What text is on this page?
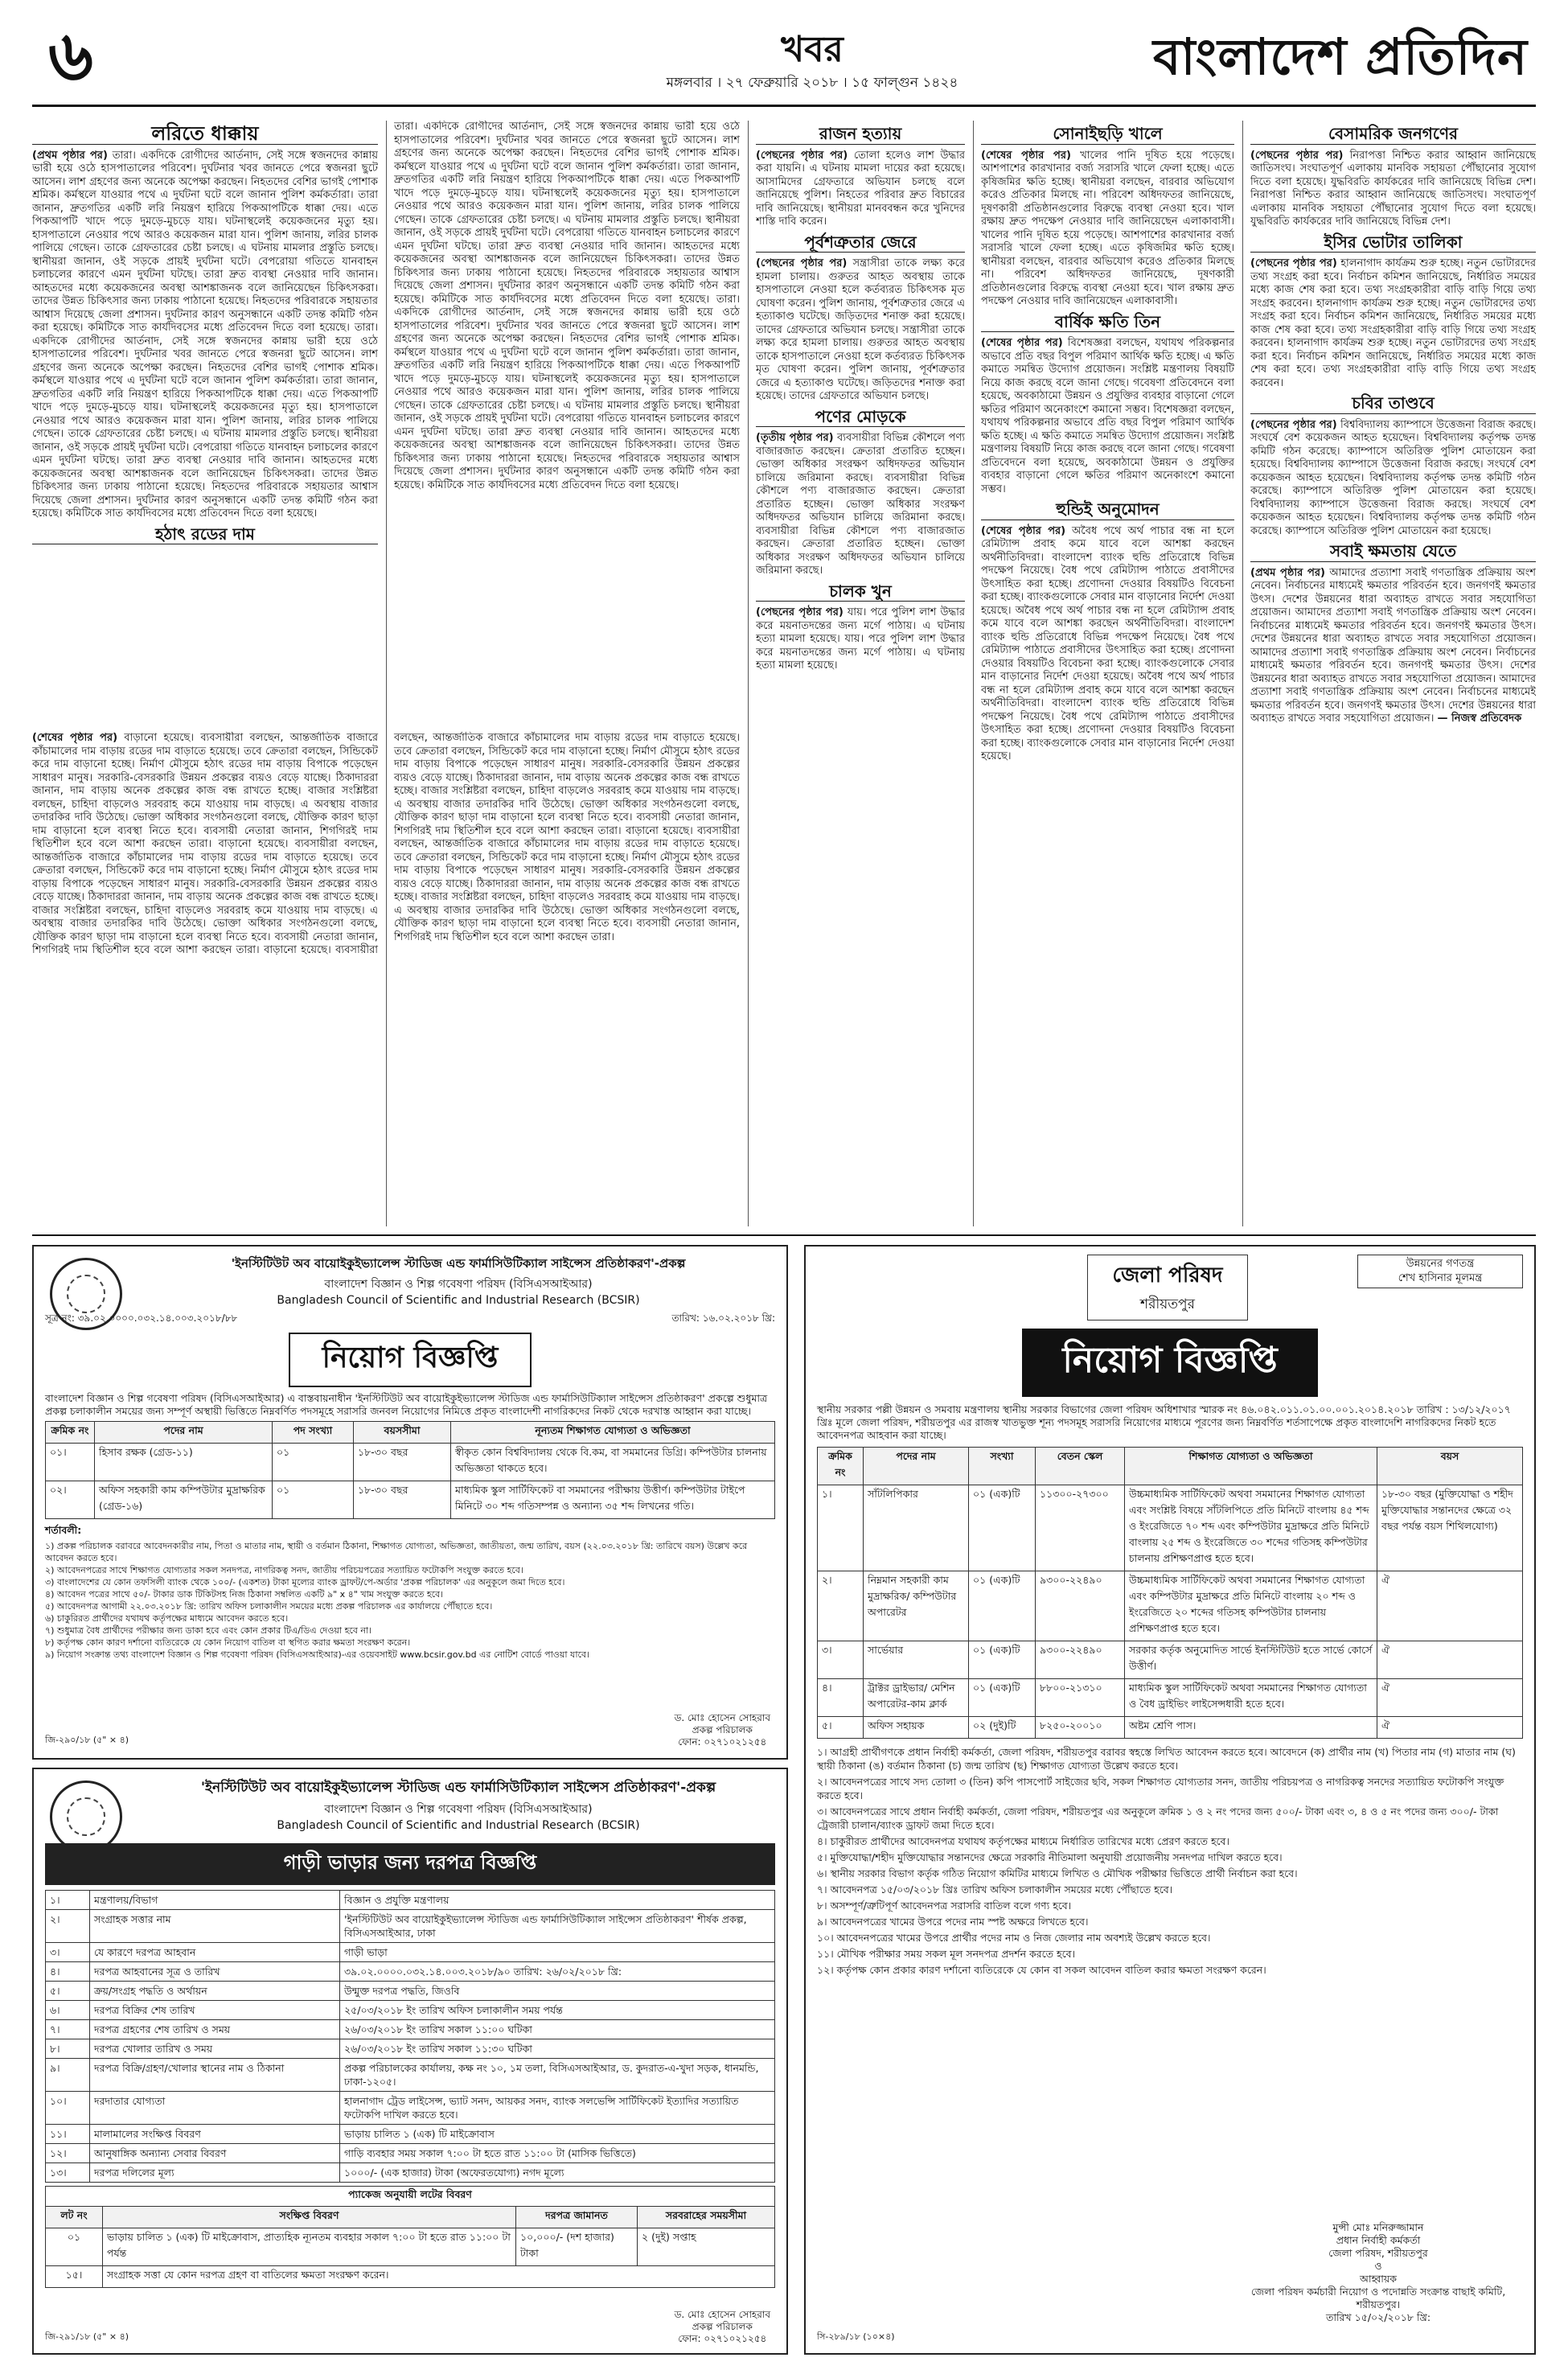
৬	খবর
মঙ্গলবার । ২৭ ফেব্রুয়ারি ২০১৮ । ১৫ ফাল্গুন ১৪২৪	বাংলাদেশ প্রতিদিন
লরিতে ধাক্কায়

(প্রথম পৃষ্ঠার পর) তারা। একদিকে রোগীদের আর্তনাদ, সেই সঙ্গে স্বজনদের কান্নায় ভারী হয়ে ওঠে হাসপাতালের পরিবেশ। দুর্ঘটনার খবর জানতে পেরে স্বজনরা ছুটে আসেন। লাশ গ্রহণের জন্য অনেকে অপেক্ষা করছেন। নিহতদের বেশির ভাগই পোশাক শ্রমিক। কর্মস্থলে যাওয়ার পথে এ দুর্ঘটনা ঘটে বলে জানান পুলিশ কর্মকর্তারা। তারা জানান, দ্রুতগতির একটি লরি নিয়ন্ত্রণ হারিয়ে পিকআপটিকে ধাক্কা দেয়। এতে পিকআপটি খাদে পড়ে দুমড়ে-মুচড়ে যায়। ঘটনাস্থলেই কয়েকজনের মৃত্যু হয়। হাসপাতালে নেওয়ার পথে আরও কয়েকজন মারা যান। পুলিশ জানায়, লরির চালক পালিয়ে গেছেন। তাকে গ্রেফতারের চেষ্টা চলছে। এ ঘটনায় মামলার প্রস্তুতি চলছে। স্থানীয়রা জানান, ওই সড়কে প্রায়ই দুর্ঘটনা ঘটে। বেপরোয়া গতিতে যানবাহন চলাচলের কারণে এমন দুর্ঘটনা ঘটছে। তারা দ্রুত ব্যবস্থা নেওয়ার দাবি জানান। আহতদের মধ্যে কয়েকজনের অবস্থা আশঙ্কাজনক বলে জানিয়েছেন চিকিৎসকরা। তাদের উন্নত চিকিৎসার জন্য ঢাকায় পাঠানো হয়েছে। নিহতদের পরিবারকে সহায়তার আশ্বাস দিয়েছে জেলা প্রশাসন। দুর্ঘটনার কারণ অনুসন্ধানে একটি তদন্ত কমিটি গঠন করা হয়েছে। কমিটিকে সাত কার্যদিবসের মধ্যে প্রতিবেদন দিতে বলা হয়েছে। তারা। একদিকে রোগীদের আর্তনাদ, সেই সঙ্গে স্বজনদের কান্নায় ভারী হয়ে ওঠে হাসপাতালের পরিবেশ। দুর্ঘটনার খবর জানতে পেরে স্বজনরা ছুটে আসেন। লাশ গ্রহণের জন্য অনেকে অপেক্ষা করছেন। নিহতদের বেশির ভাগই পোশাক শ্রমিক। কর্মস্থলে যাওয়ার পথে এ দুর্ঘটনা ঘটে বলে জানান পুলিশ কর্মকর্তারা। তারা জানান, দ্রুতগতির একটি লরি নিয়ন্ত্রণ হারিয়ে পিকআপটিকে ধাক্কা দেয়। এতে পিকআপটি খাদে পড়ে দুমড়ে-মুচড়ে যায়। ঘটনাস্থলেই কয়েকজনের মৃত্যু হয়। হাসপাতালে নেওয়ার পথে আরও কয়েকজন মারা যান। পুলিশ জানায়, লরির চালক পালিয়ে গেছেন। তাকে গ্রেফতারের চেষ্টা চলছে। এ ঘটনায় মামলার প্রস্তুতি চলছে। স্থানীয়রা জানান, ওই সড়কে প্রায়ই দুর্ঘটনা ঘটে। বেপরোয়া গতিতে যানবাহন চলাচলের কারণে এমন দুর্ঘটনা ঘটছে। তারা দ্রুত ব্যবস্থা নেওয়ার দাবি জানান। আহতদের মধ্যে কয়েকজনের অবস্থা আশঙ্কাজনক বলে জানিয়েছেন চিকিৎসকরা। তাদের উন্নত চিকিৎসার জন্য ঢাকায় পাঠানো হয়েছে। নিহতদের পরিবারকে সহায়তার আশ্বাস দিয়েছে জেলা প্রশাসন। দুর্ঘটনার কারণ অনুসন্ধানে একটি তদন্ত কমিটি গঠন করা হয়েছে। কমিটিকে সাত কার্যদিবসের মধ্যে প্রতিবেদন দিতে বলা হয়েছে।

হঠাৎ রডের দাম

তারা। একদিকে রোগীদের আর্তনাদ, সেই সঙ্গে স্বজনদের কান্নায় ভারী হয়ে ওঠে হাসপাতালের পরিবেশ। দুর্ঘটনার খবর জানতে পেরে স্বজনরা ছুটে আসেন। লাশ গ্রহণের জন্য অনেকে অপেক্ষা করছেন। নিহতদের বেশির ভাগই পোশাক শ্রমিক। কর্মস্থলে যাওয়ার পথে এ দুর্ঘটনা ঘটে বলে জানান পুলিশ কর্মকর্তারা। তারা জানান, দ্রুতগতির একটি লরি নিয়ন্ত্রণ হারিয়ে পিকআপটিকে ধাক্কা দেয়। এতে পিকআপটি খাদে পড়ে দুমড়ে-মুচড়ে যায়। ঘটনাস্থলেই কয়েকজনের মৃত্যু হয়। হাসপাতালে নেওয়ার পথে আরও কয়েকজন মারা যান। পুলিশ জানায়, লরির চালক পালিয়ে গেছেন। তাকে গ্রেফতারের চেষ্টা চলছে। এ ঘটনায় মামলার প্রস্তুতি চলছে। স্থানীয়রা জানান, ওই সড়কে প্রায়ই দুর্ঘটনা ঘটে। বেপরোয়া গতিতে যানবাহন চলাচলের কারণে এমন দুর্ঘটনা ঘটছে। তারা দ্রুত ব্যবস্থা নেওয়ার দাবি জানান। আহতদের মধ্যে কয়েকজনের অবস্থা আশঙ্কাজনক বলে জানিয়েছেন চিকিৎসকরা। তাদের উন্নত চিকিৎসার জন্য ঢাকায় পাঠানো হয়েছে। নিহতদের পরিবারকে সহায়তার আশ্বাস দিয়েছে জেলা প্রশাসন। দুর্ঘটনার কারণ অনুসন্ধানে একটি তদন্ত কমিটি গঠন করা হয়েছে। কমিটিকে সাত কার্যদিবসের মধ্যে প্রতিবেদন দিতে বলা হয়েছে। তারা। একদিকে রোগীদের আর্তনাদ, সেই সঙ্গে স্বজনদের কান্নায় ভারী হয়ে ওঠে হাসপাতালের পরিবেশ। দুর্ঘটনার খবর জানতে পেরে স্বজনরা ছুটে আসেন। লাশ গ্রহণের জন্য অনেকে অপেক্ষা করছেন। নিহতদের বেশির ভাগই পোশাক শ্রমিক। কর্মস্থলে যাওয়ার পথে এ দুর্ঘটনা ঘটে বলে জানান পুলিশ কর্মকর্তারা। তারা জানান, দ্রুতগতির একটি লরি নিয়ন্ত্রণ হারিয়ে পিকআপটিকে ধাক্কা দেয়। এতে পিকআপটি খাদে পড়ে দুমড়ে-মুচড়ে যায়। ঘটনাস্থলেই কয়েকজনের মৃত্যু হয়। হাসপাতালে নেওয়ার পথে আরও কয়েকজন মারা যান। পুলিশ জানায়, লরির চালক পালিয়ে গেছেন। তাকে গ্রেফতারের চেষ্টা চলছে। এ ঘটনায় মামলার প্রস্তুতি চলছে। স্থানীয়রা জানান, ওই সড়কে প্রায়ই দুর্ঘটনা ঘটে। বেপরোয়া গতিতে যানবাহন চলাচলের কারণে এমন দুর্ঘটনা ঘটছে। তারা দ্রুত ব্যবস্থা নেওয়ার দাবি জানান। আহতদের মধ্যে কয়েকজনের অবস্থা আশঙ্কাজনক বলে জানিয়েছেন চিকিৎসকরা। তাদের উন্নত চিকিৎসার জন্য ঢাকায় পাঠানো হয়েছে। নিহতদের পরিবারকে সহায়তার আশ্বাস দিয়েছে জেলা প্রশাসন। দুর্ঘটনার কারণ অনুসন্ধানে একটি তদন্ত কমিটি গঠন করা হয়েছে। কমিটিকে সাত কার্যদিবসের মধ্যে প্রতিবেদন দিতে বলা হয়েছে।

(শেষের পৃষ্ঠার পর) বাড়ানো হয়েছে। ব্যবসায়ীরা বলছেন, আন্তর্জাতিক বাজারে কাঁচামালের দাম বাড়ায় রডের দাম বাড়াতে হয়েছে। তবে ক্রেতারা বলছেন, সিন্ডিকেট করে দাম বাড়ানো হচ্ছে। নির্মাণ মৌসুমে হঠাৎ রডের দাম বাড়ায় বিপাকে পড়েছেন সাধারণ মানুষ। সরকারি-বেসরকারি উন্নয়ন প্রকল্পের ব্যয়ও বেড়ে যাচ্ছে। ঠিকাদাররা জানান, দাম বাড়ায় অনেক প্রকল্পের কাজ বন্ধ রাখতে হচ্ছে। বাজার সংশ্লিষ্টরা বলছেন, চাহিদা বাড়লেও সরবরাহ কমে যাওয়ায় দাম বাড়ছে। এ অবস্থায় বাজার তদারকির দাবি উঠেছে। ভোক্তা অধিকার সংগঠনগুলো বলছে, যৌক্তিক কারণ ছাড়া দাম বাড়ানো হলে ব্যবস্থা নিতে হবে। ব্যবসায়ী নেতারা জানান, শিগগিরই দাম স্থিতিশীল হবে বলে আশা করছেন তারা। বাড়ানো হয়েছে। ব্যবসায়ীরা বলছেন, আন্তর্জাতিক বাজারে কাঁচামালের দাম বাড়ায় রডের দাম বাড়াতে হয়েছে। তবে ক্রেতারা বলছেন, সিন্ডিকেট করে দাম বাড়ানো হচ্ছে। নির্মাণ মৌসুমে হঠাৎ রডের দাম বাড়ায় বিপাকে পড়েছেন সাধারণ মানুষ। সরকারি-বেসরকারি উন্নয়ন প্রকল্পের ব্যয়ও বেড়ে যাচ্ছে। ঠিকাদাররা জানান, দাম বাড়ায় অনেক প্রকল্পের কাজ বন্ধ রাখতে হচ্ছে। বাজার সংশ্লিষ্টরা বলছেন, চাহিদা বাড়লেও সরবরাহ কমে যাওয়ায় দাম বাড়ছে। এ অবস্থায় বাজার তদারকির দাবি উঠেছে। ভোক্তা অধিকার সংগঠনগুলো বলছে, যৌক্তিক কারণ ছাড়া দাম বাড়ানো হলে ব্যবস্থা নিতে হবে। ব্যবসায়ী নেতারা জানান, শিগগিরই দাম স্থিতিশীল হবে বলে আশা করছেন তারা। বাড়ানো হয়েছে। ব্যবসায়ীরা বলছেন, আন্তর্জাতিক বাজারে কাঁচামালের দাম বাড়ায় রডের দাম বাড়াতে হয়েছে। তবে ক্রেতারা বলছেন, সিন্ডিকেট করে দাম বাড়ানো হচ্ছে। নির্মাণ মৌসুমে হঠাৎ রডের দাম বাড়ায় বিপাকে পড়েছেন সাধারণ মানুষ। সরকারি-বেসরকারি উন্নয়ন প্রকল্পের ব্যয়ও বেড়ে যাচ্ছে। ঠিকাদাররা জানান, দাম বাড়ায় অনেক প্রকল্পের কাজ বন্ধ রাখতে হচ্ছে। বাজার সংশ্লিষ্টরা বলছেন, চাহিদা বাড়লেও সরবরাহ কমে যাওয়ায় দাম বাড়ছে। এ অবস্থায় বাজার তদারকির দাবি উঠেছে। ভোক্তা অধিকার সংগঠনগুলো বলছে, যৌক্তিক কারণ ছাড়া দাম বাড়ানো হলে ব্যবস্থা নিতে হবে। ব্যবসায়ী নেতারা জানান, শিগগিরই দাম স্থিতিশীল হবে বলে আশা করছেন তারা। বাড়ানো হয়েছে। ব্যবসায়ীরা বলছেন, আন্তর্জাতিক বাজারে কাঁচামালের দাম বাড়ায় রডের দাম বাড়াতে হয়েছে। তবে ক্রেতারা বলছেন, সিন্ডিকেট করে দাম বাড়ানো হচ্ছে। নির্মাণ মৌসুমে হঠাৎ রডের দাম বাড়ায় বিপাকে পড়েছেন সাধারণ মানুষ। সরকারি-বেসরকারি উন্নয়ন প্রকল্পের ব্যয়ও বেড়ে যাচ্ছে। ঠিকাদাররা জানান, দাম বাড়ায় অনেক প্রকল্পের কাজ বন্ধ রাখতে হচ্ছে। বাজার সংশ্লিষ্টরা বলছেন, চাহিদা বাড়লেও সরবরাহ কমে যাওয়ায় দাম বাড়ছে। এ অবস্থায় বাজার তদারকির দাবি উঠেছে। ভোক্তা অধিকার সংগঠনগুলো বলছে, যৌক্তিক কারণ ছাড়া দাম বাড়ানো হলে ব্যবস্থা নিতে হবে। ব্যবসায়ী নেতারা জানান, শিগগিরই দাম স্থিতিশীল হবে বলে আশা করছেন তারা।

রাজন হত্যায়

(পেছনের পৃষ্ঠার পর) তোলা হলেও লাশ উদ্ধার করা যায়নি। এ ঘটনায় মামলা দায়ের করা হয়েছে। আসামিদের গ্রেফতারে অভিযান চলছে বলে জানিয়েছে পুলিশ। নিহতের পরিবার দ্রুত বিচারের দাবি জানিয়েছে। স্থানীয়রা মানববন্ধন করে খুনিদের শাস্তি দাবি করেন।

পূর্বশত্রুতার জেরে

(পেছনের পৃষ্ঠার পর) সন্ত্রাসীরা তাকে লক্ষ্য করে হামলা চালায়। গুরুতর আহত অবস্থায় তাকে হাসপাতালে নেওয়া হলে কর্তব্যরত চিকিৎসক মৃত ঘোষণা করেন। পুলিশ জানায়, পূর্বশত্রুতার জেরে এ হত্যাকাণ্ড ঘটেছে। জড়িতদের শনাক্ত করা হয়েছে। তাদের গ্রেফতারে অভিযান চলছে। সন্ত্রাসীরা তাকে লক্ষ্য করে হামলা চালায়। গুরুতর আহত অবস্থায় তাকে হাসপাতালে নেওয়া হলে কর্তব্যরত চিকিৎসক মৃত ঘোষণা করেন। পুলিশ জানায়, পূর্বশত্রুতার জেরে এ হত্যাকাণ্ড ঘটেছে। জড়িতদের শনাক্ত করা হয়েছে। তাদের গ্রেফতারে অভিযান চলছে।

পণের মোড়কে

(তৃতীয় পৃষ্ঠার পর) ব্যবসায়ীরা বিভিন্ন কৌশলে পণ্য বাজারজাত করছেন। ক্রেতারা প্রতারিত হচ্ছেন। ভোক্তা অধিকার সংরক্ষণ অধিদফতর অভিযান চালিয়ে জরিমানা করছে। ব্যবসায়ীরা বিভিন্ন কৌশলে পণ্য বাজারজাত করছেন। ক্রেতারা প্রতারিত হচ্ছেন। ভোক্তা অধিকার সংরক্ষণ অধিদফতর অভিযান চালিয়ে জরিমানা করছে। ব্যবসায়ীরা বিভিন্ন কৌশলে পণ্য বাজারজাত করছেন। ক্রেতারা প্রতারিত হচ্ছেন। ভোক্তা অধিকার সংরক্ষণ অধিদফতর অভিযান চালিয়ে জরিমানা করছে।

চালক খুন

(পেছনের পৃষ্ঠার পর) যায়। পরে পুলিশ লাশ উদ্ধার করে ময়নাতদন্তের জন্য মর্গে পাঠায়। এ ঘটনায় হত্যা মামলা হয়েছে। যায়। পরে পুলিশ লাশ উদ্ধার করে ময়নাতদন্তের জন্য মর্গে পাঠায়। এ ঘটনায় হত্যা মামলা হয়েছে।

সোনাইছড়ি খালে

(শেষের পৃষ্ঠার পর) খালের পানি দূষিত হয়ে পড়েছে। আশপাশের কারখানার বর্জ্য সরাসরি খালে ফেলা হচ্ছে। এতে কৃষিজমির ক্ষতি হচ্ছে। স্থানীয়রা বলছেন, বারবার অভিযোগ করেও প্রতিকার মিলছে না। পরিবেশ অধিদফতর জানিয়েছে, দূষণকারী প্রতিষ্ঠানগুলোর বিরুদ্ধে ব্যবস্থা নেওয়া হবে। খাল রক্ষায় দ্রুত পদক্ষেপ নেওয়ার দাবি জানিয়েছেন এলাকাবাসী। খালের পানি দূষিত হয়ে পড়েছে। আশপাশের কারখানার বর্জ্য সরাসরি খালে ফেলা হচ্ছে। এতে কৃষিজমির ক্ষতি হচ্ছে। স্থানীয়রা বলছেন, বারবার অভিযোগ করেও প্রতিকার মিলছে না। পরিবেশ অধিদফতর জানিয়েছে, দূষণকারী প্রতিষ্ঠানগুলোর বিরুদ্ধে ব্যবস্থা নেওয়া হবে। খাল রক্ষায় দ্রুত পদক্ষেপ নেওয়ার দাবি জানিয়েছেন এলাকাবাসী।

বার্ষিক ক্ষতি তিন

(শেষের পৃষ্ঠার পর) বিশেষজ্ঞরা বলছেন, যথাযথ পরিকল্পনার অভাবে প্রতি বছর বিপুল পরিমাণ আর্থিক ক্ষতি হচ্ছে। এ ক্ষতি কমাতে সমন্বিত উদ্যোগ প্রয়োজন। সংশ্লিষ্ট মন্ত্রণালয় বিষয়টি নিয়ে কাজ করছে বলে জানা গেছে। গবেষণা প্রতিবেদনে বলা হয়েছে, অবকাঠামো উন্নয়ন ও প্রযুক্তির ব্যবহার বাড়ানো গেলে ক্ষতির পরিমাণ অনেকাংশে কমানো সম্ভব। বিশেষজ্ঞরা বলছেন, যথাযথ পরিকল্পনার অভাবে প্রতি বছর বিপুল পরিমাণ আর্থিক ক্ষতি হচ্ছে। এ ক্ষতি কমাতে সমন্বিত উদ্যোগ প্রয়োজন। সংশ্লিষ্ট মন্ত্রণালয় বিষয়টি নিয়ে কাজ করছে বলে জানা গেছে। গবেষণা প্রতিবেদনে বলা হয়েছে, অবকাঠামো উন্নয়ন ও প্রযুক্তির ব্যবহার বাড়ানো গেলে ক্ষতির পরিমাণ অনেকাংশে কমানো সম্ভব।

হুন্ডিই অনুমোদন

(শেষের পৃষ্ঠার পর) অবৈধ পথে অর্থ পাচার বন্ধ না হলে রেমিট্যান্স প্রবাহ কমে যাবে বলে আশঙ্কা করছেন অর্থনীতিবিদরা। বাংলাদেশ ব্যাংক হুন্ডি প্রতিরোধে বিভিন্ন পদক্ষেপ নিয়েছে। বৈধ পথে রেমিট্যান্স পাঠাতে প্রবাসীদের উৎসাহিত করা হচ্ছে। প্রণোদনা দেওয়ার বিষয়টিও বিবেচনা করা হচ্ছে। ব্যাংকগুলোকে সেবার মান বাড়ানোর নির্দেশ দেওয়া হয়েছে। অবৈধ পথে অর্থ পাচার বন্ধ না হলে রেমিট্যান্স প্রবাহ কমে যাবে বলে আশঙ্কা করছেন অর্থনীতিবিদরা। বাংলাদেশ ব্যাংক হুন্ডি প্রতিরোধে বিভিন্ন পদক্ষেপ নিয়েছে। বৈধ পথে রেমিট্যান্স পাঠাতে প্রবাসীদের উৎসাহিত করা হচ্ছে। প্রণোদনা দেওয়ার বিষয়টিও বিবেচনা করা হচ্ছে। ব্যাংকগুলোকে সেবার মান বাড়ানোর নির্দেশ দেওয়া হয়েছে। অবৈধ পথে অর্থ পাচার বন্ধ না হলে রেমিট্যান্স প্রবাহ কমে যাবে বলে আশঙ্কা করছেন অর্থনীতিবিদরা। বাংলাদেশ ব্যাংক হুন্ডি প্রতিরোধে বিভিন্ন পদক্ষেপ নিয়েছে। বৈধ পথে রেমিট্যান্স পাঠাতে প্রবাসীদের উৎসাহিত করা হচ্ছে। প্রণোদনা দেওয়ার বিষয়টিও বিবেচনা করা হচ্ছে। ব্যাংকগুলোকে সেবার মান বাড়ানোর নির্দেশ দেওয়া হয়েছে।

বেসামরিক জনগণের

(পেছনের পৃষ্ঠার পর) নিরাপত্তা নিশ্চিত করার আহ্বান জানিয়েছে জাতিসংঘ। সংঘাতপূর্ণ এলাকায় মানবিক সহায়তা পৌঁছানোর সুযোগ দিতে বলা হয়েছে। যুদ্ধবিরতি কার্যকরের দাবি জানিয়েছে বিভিন্ন দেশ। নিরাপত্তা নিশ্চিত করার আহ্বান জানিয়েছে জাতিসংঘ। সংঘাতপূর্ণ এলাকায় মানবিক সহায়তা পৌঁছানোর সুযোগ দিতে বলা হয়েছে। যুদ্ধবিরতি কার্যকরের দাবি জানিয়েছে বিভিন্ন দেশ।

ইসির ভোটার তালিকা

(পেছনের পৃষ্ঠার পর) হালনাগাদ কার্যক্রম শুরু হচ্ছে। নতুন ভোটারদের তথ্য সংগ্রহ করা হবে। নির্বাচন কমিশন জানিয়েছে, নির্ধারিত সময়ের মধ্যে কাজ শেষ করা হবে। তথ্য সংগ্রহকারীরা বাড়ি বাড়ি গিয়ে তথ্য সংগ্রহ করবেন। হালনাগাদ কার্যক্রম শুরু হচ্ছে। নতুন ভোটারদের তথ্য সংগ্রহ করা হবে। নির্বাচন কমিশন জানিয়েছে, নির্ধারিত সময়ের মধ্যে কাজ শেষ করা হবে। তথ্য সংগ্রহকারীরা বাড়ি বাড়ি গিয়ে তথ্য সংগ্রহ করবেন। হালনাগাদ কার্যক্রম শুরু হচ্ছে। নতুন ভোটারদের তথ্য সংগ্রহ করা হবে। নির্বাচন কমিশন জানিয়েছে, নির্ধারিত সময়ের মধ্যে কাজ শেষ করা হবে। তথ্য সংগ্রহকারীরা বাড়ি বাড়ি গিয়ে তথ্য সংগ্রহ করবেন।

চবির তাণ্ডবে

(পেছনের পৃষ্ঠার পর) বিশ্ববিদ্যালয় ক্যাম্পাসে উত্তেজনা বিরাজ করছে। সংঘর্ষে বেশ কয়েকজন আহত হয়েছেন। বিশ্ববিদ্যালয় কর্তৃপক্ষ তদন্ত কমিটি গঠন করেছে। ক্যাম্পাসে অতিরিক্ত পুলিশ মোতায়েন করা হয়েছে। বিশ্ববিদ্যালয় ক্যাম্পাসে উত্তেজনা বিরাজ করছে। সংঘর্ষে বেশ কয়েকজন আহত হয়েছেন। বিশ্ববিদ্যালয় কর্তৃপক্ষ তদন্ত কমিটি গঠন করেছে। ক্যাম্পাসে অতিরিক্ত পুলিশ মোতায়েন করা হয়েছে। বিশ্ববিদ্যালয় ক্যাম্পাসে উত্তেজনা বিরাজ করছে। সংঘর্ষে বেশ কয়েকজন আহত হয়েছেন। বিশ্ববিদ্যালয় কর্তৃপক্ষ তদন্ত কমিটি গঠন করেছে। ক্যাম্পাসে অতিরিক্ত পুলিশ মোতায়েন করা হয়েছে।

সবাই ক্ষমতায় যেতে

(প্রথম পৃষ্ঠার পর) আমাদের প্রত্যাশা সবাই গণতান্ত্রিক প্রক্রিয়ায় অংশ নেবেন। নির্বাচনের মাধ্যমেই ক্ষমতার পরিবর্তন হবে। জনগণই ক্ষমতার উৎস। দেশের উন্নয়নের ধারা অব্যাহত রাখতে সবার সহযোগিতা প্রয়োজন। আমাদের প্রত্যাশা সবাই গণতান্ত্রিক প্রক্রিয়ায় অংশ নেবেন। নির্বাচনের মাধ্যমেই ক্ষমতার পরিবর্তন হবে। জনগণই ক্ষমতার উৎস। দেশের উন্নয়নের ধারা অব্যাহত রাখতে সবার সহযোগিতা প্রয়োজন। আমাদের প্রত্যাশা সবাই গণতান্ত্রিক প্রক্রিয়ায় অংশ নেবেন। নির্বাচনের মাধ্যমেই ক্ষমতার পরিবর্তন হবে। জনগণই ক্ষমতার উৎস। দেশের উন্নয়নের ধারা অব্যাহত রাখতে সবার সহযোগিতা প্রয়োজন। আমাদের প্রত্যাশা সবাই গণতান্ত্রিক প্রক্রিয়ায় অংশ নেবেন। নির্বাচনের মাধ্যমেই ক্ষমতার পরিবর্তন হবে। জনগণই ক্ষমতার উৎস। দেশের উন্নয়নের ধারা অব্যাহত রাখতে সবার সহযোগিতা প্রয়োজন। — নিজস্ব প্রতিবেদক

'ইনস্টিটিউট অব বায়োইকুইভ্যালেন্স স্টাডিজ এন্ড ফার্মাসিউটিক্যাল সাইন্সেস প্রতিষ্ঠাকরণ'-প্রকল্প
বাংলাদেশ বিজ্ঞান ও শিল্প গবেষণা পরিষদ (বিসিএসআইআর)
Bangladesh Council of Scientific and Industrial Research (BCSIR)
সূত্র নং: ৩৯.০২.০০০০.০৩২.১৪.০০৩.২০১৮/৮৮	তারিখ: ১৬.০২.২০১৮ খ্রি:
নিয়োগ বিজ্ঞপ্তি

বাংলাদেশ বিজ্ঞান ও শিল্প গবেষণা পরিষদ (বিসিএসআইআর) এ বাস্তবায়নাধীন 'ইনস্টিটিউট অব বায়োইকুইভ্যালেন্স স্টাডিজ এন্ড ফার্মাসিউটিক্যাল সাইন্সেস প্রতিষ্ঠাকরণ' প্রকল্পে শুধুমাত্র প্রকল্প চলাকালীন সময়ের জন্য সম্পূর্ণ অস্থায়ী ভিত্তিতে নিম্নবর্ণিত পদসমূহে সরাসরি জনবল নিয়োগের নিমিত্তে প্রকৃত বাংলাদেশী নাগরিকদের নিকট থেকে দরখাস্ত আহ্বান করা যাচ্ছে।

ক্রমিক নং	পদের নাম	পদ সংখ্যা	বয়সসীমা	নূন্যতম শিক্ষাগত যোগ্যতা ও অভিজ্ঞতা
০১।	হিসাব রক্ষক (গ্রেড-১১)	০১	১৮-৩০ বছর	স্বীকৃত কোন বিশ্ববিদ্যালয় থেকে বি.কম, বা সমমানের ডিগ্রি। কম্পিউটার চালনায় অভিজ্ঞতা থাকতে হবে।
০২।	অফিস সহকারী কাম কম্পিউটার মুদ্রাক্ষরিক (গ্রেড-১৬)	০১	১৮-৩০ বছর	মাধ্যমিক স্কুল সার্টিফিকেট বা সমমানের পরীক্ষায় উত্তীর্ণ। কম্পিউটার টাইপে মিনিটে ৩০ শব্দ গতিসম্পন্ন ও অন্যান্য ৩৫ শব্দ লিখনের গতি।
শর্তাবলী:
১) প্রকল্প পরিচালক বরাবরে আবেদনকারীর নাম, পিতা ও মাতার নাম, স্থায়ী ও বর্তমান ঠিকানা, শিক্ষাগত যোগ্যতা, অভিজ্ঞতা, জাতীয়তা, জন্ম তারিখ, বয়স (২২.০৩.২০১৮ খ্রি: তারিখে বয়স) উল্লেখ করে আবেদন করতে হবে।
২) আবেদনপত্রের সাথে শিক্ষাগত যোগ্যতার সকল সনদপত্র, নাগরিকত্ব সনদ, জাতীয় পরিচয়পত্রের সত্যায়িত ফটোকপি সংযুক্ত করতে হবে।
৩) বাংলাদেশের যে কোন তফসিলী ব্যাংক থেকে ১০০/- (একশত) টাকা মূল্যের ব্যাংক ড্রাফট/পে-অর্ডার 'প্রকল্প পরিচালক' এর অনুকূলে জমা দিতে হবে।
৪) আবেদন পত্রের সাথে ৫০/- টাকার ডাক টিকিটসহ নিজ ঠিকানা সম্বলিত একটি ৯" x ৪" খাম সংযুক্ত করতে হবে।
৫) আবেদনপত্র আগামী ২২.০৩.২০১৮ খ্রি: তারিখ অফিস চলাকালীন সময়ের মধ্যে প্রকল্প পরিচালক এর কার্যালয়ে পৌঁছাতে হবে।
৬) চাকুরিরত প্রার্থীদের যথাযথ কর্তৃপক্ষের মাধ্যমে আবেদন করতে হবে।
৭) শুধুমাত্র বৈধ প্রার্থীদের পরীক্ষার জন্য ডাকা হবে এবং কোন প্রকার টিএ/ডিএ দেওয়া হবে না।
৮) কর্তৃপক্ষ কোন কারণ দর্শানো ব্যতিরেকে যে কোন নিয়োগ বাতিল বা স্থগিত করার ক্ষমতা সংরক্ষণ করেন।
৯) নিয়োগ সংক্রান্ত তথ্য বাংলাদেশ বিজ্ঞান ও শিল্প গবেষণা পরিষদ (বিসিএসআইআর)-এর ওয়েবসাইট www.bcsir.gov.bd এর নোটিশ বোর্ডে পাওয়া যাবে।
ড. মোঃ হোসেন সোহরাব
প্রকল্প পরিচালক
ফোন: ০২৭১০২১২৫৪
জি-২৯০/১৮ (৫" × ৪)
'ইনস্টিটিউট অব বায়োইকুইভ্যালেন্স স্টাডিজ এন্ড ফার্মাসিউটিক্যাল সাইন্সেস প্রতিষ্ঠাকরণ'-প্রকল্প
বাংলাদেশ বিজ্ঞান ও শিল্প গবেষণা পরিষদ (বিসিএসআইআর)
Bangladesh Council of Scientific and Industrial Research (BCSIR)
গাড়ী ভাড়ার জন্য দরপত্র বিজ্ঞপ্তি
১।	মন্ত্রণালয়/বিভাগ	বিজ্ঞান ও প্রযুক্তি মন্ত্রণালয়
২।	সংগ্রাহক সত্তার নাম	'ইনস্টিটিউট অব বায়োইকুইভ্যালেন্স স্টাডিজ এন্ড ফার্মাসিউটিক্যাল সাইন্সেস প্রতিষ্ঠাকরণ' শীর্ষক প্রকল্প, বিসিএসআইআর, ঢাকা
৩।	যে কারণে দরপত্র আহবান	গাড়ী ভাড়া
৪।	দরপত্র আহবানের সূত্র ও তারিখ	৩৯.০২.০০০০.০৩২.১৪.০০৩.২০১৮/৯০ তারিখ: ২৬/০২/২০১৮ খ্রি:
৫।	ক্রয়/সংগ্রহ পদ্ধতি ও অর্থায়ন	উন্মুক্ত দরপত্র পদ্ধতি, জিওবি
৬।	দরপত্র বিক্রির শেষ তারিখ	২৫/০৩/২০১৮ ইং তারিখ অফিস চলাকালীন সময় পর্যন্ত
৭।	দরপত্র গ্রহণের শেষ তারিখ ও সময়	২৬/০৩/২০১৮ ইং তারিখ সকাল ১১:০০ ঘটিকা
৮।	দরপত্র খোলার তারিখ ও সময়	২৬/০৩/২০১৮ ইং তারিখ সকাল ১১:৩০ ঘটিকা
৯।	দরপত্র বিক্রি/গ্রহণ/খোলার স্থানের নাম ও ঠিকানা	প্রকল্প পরিচালকের কার্যালয়, কক্ষ নং ১০, ১ম তলা, বিসিএসআইআর, ড. কুদরাত-এ-খুদা সড়ক, ধানমন্ডি, ঢাকা-১২০৫।
১০।	দরদাতার যোগ্যতা	হালনাগাদ ট্রেড লাইসেন্স, ভ্যাট সনদ, আয়কর সনদ, ব্যাংক সলভেন্সি সার্টিফিকেট ইত্যাদির সত্যায়িত ফটোকপি দাখিল করতে হবে।
১১।	মালামালের সংক্ষিপ্ত বিবরণ	ভাড়ায় চালিত ১ (এক) টি মাইক্রোবাস
১২।	আনুষাঙ্গিক অন্যান্য সেবার বিবরণ	গাড়ি ব্যবহার সময় সকাল ৭:০০ টা হতে রাত ১১:০০ টা (মাসিক ভিত্তিতে)
১৩।	দরপত্র দলিলের মূল্য	১০০০/- (এক হাজার) টাকা (অফেরতযোগ্য) নগদ মূল্যে
প্যাকেজ অনুযায়ী লটের বিবরণ
লট নং	সংক্ষিপ্ত বিবরণ	দরপত্র জামানত	সরবরাহের সময়সীমা
০১	ভাড়ায় চালিত ১ (এক) টি মাইক্রোবাস, প্রাত্যহিক ন্যূনতম ব্যবহার সকাল ৭:০০ টা হতে রাত ১১:০০ টা পর্যন্ত	১০,০০০/- (দশ হাজার) টাকা	২ (দুই) সপ্তাহ
১৫।	সংগ্রাহক সত্তা যে কোন দরপত্র গ্রহণ বা বাতিলের ক্ষমতা সংরক্ষণ করেন।		
ড. মোঃ হোসেন সোহরাব
প্রকল্প পরিচালক
ফোন: ০২৭১০২১২৫৪
জি-২৯১/১৮ (৫" × ৪)
জেলা পরিষদ
শরীয়তপুর
উন্নয়নের গণতন্ত্র
শেখ হাসিনার মূলমন্ত্র
নিয়োগ বিজ্ঞপ্তি

স্থানীয় সরকার পল্লী উন্নয়ন ও সমবায় মন্ত্রণালয় স্থানীয় সরকার বিভাগের জেলা পরিষদ অধিশাখার স্মারক নং ৪৬.০৪২.০১১.০১.০০.০০১.২০১৪.২০১৮ তারিখ : ১৩/১২/২০১৭ খ্রিঃ মূলে জেলা পরিষদ, শরীয়তপুর এর রাজস্ব খাতভুক্ত শূন্য পদসমূহ সরাসরি নিয়োগের মাধ্যমে পূরণের জন্য নিম্নবর্ণিত শর্তসাপেক্ষে প্রকৃত বাংলাদেশি নাগরিকদের নিকট হতে আবেদনপত্র আহবান করা যাচ্ছে।

ক্রমিক নং	পদের নাম	সংখ্যা	বেতন স্কেল	শিক্ষাগত যোগ্যতা ও অভিজ্ঞতা	বয়স
১।	সাঁটলিপিকার	০১ (এক)টি	১১৩০০-২৭৩০০	উচ্চমাধ্যমিক সার্টিফিকেট অথবা সমমানের শিক্ষাগত যোগ্যতা এবং সংশ্লিষ্ট বিষয়ে সাঁটলিপিতে প্রতি মিনিটে বাংলায় ৪৫ শব্দ ও ইংরেজিতে ৭০ শব্দ এবং কম্পিউটার মুদ্রাক্ষরে প্রতি মিনিটে বাংলায় ২৫ শব্দ ও ইংরেজিতে ৩০ শব্দের গতিসহ কম্পিউটার চালনায় প্রশিক্ষণপ্রাপ্ত হতে হবে।	১৮-৩০ বছর (মুক্তিযোদ্ধা ও শহীদ মুক্তিযোদ্ধার সন্তানদের ক্ষেত্রে ৩২ বছর পর্যন্ত বয়স শিথিলযোগ্য)
২।	নিম্নমান সহকারী কাম মুদ্রাক্ষরিক/ কম্পিউটার অপারেটর	০১ (এক)টি	৯৩০০-২২৪৯০	উচ্চমাধ্যমিক সার্টিফিকেট অথবা সমমানের শিক্ষাগত যোগ্যতা এবং কম্পিউটার মুদ্রাক্ষরে প্রতি মিনিটে বাংলায় ২০ শব্দ ও ইংরেজিতে ২০ শব্দের গতিসহ কম্পিউটার চালনায় প্রশিক্ষণপ্রাপ্ত হতে হবে।	ঐ
৩।	সার্ভেয়ার	০১ (এক)টি	৯৩০০-২২৪৯০	সরকার কর্তৃক অনুমোদিত সার্ভে ইনস্টিটিউট হতে সার্ভে কোর্সে উত্তীর্ণ।	ঐ
৪।	ট্রাক্টর ড্রাইভার/ মেশিন অপারেটর-কাম ক্লার্ক	০১ (এক)টি	৮৮০০-২১৩১০	মাধ্যমিক স্কুল সার্টিফিকেট অথবা সমমানের শিক্ষাগত যোগ্যতা ও বৈধ ড্রাইভিং লাইসেন্সধারী হতে হবে।	ঐ
৫।	অফিস সহায়ক	০২ (দুই)টি	৮২৫০-২০০১০	অষ্টম শ্রেণি পাস।	ঐ
১। আগ্রহী প্রার্থীগণকে প্রধান নির্বাহী কর্মকর্তা, জেলা পরিষদ, শরীয়তপুর বরাবর স্বহস্তে লিখিত আবেদন করতে হবে। আবেদনে (ক) প্রার্থীর নাম (খ) পিতার নাম (গ) মাতার নাম (ঘ) স্থায়ী ঠিকানা (ঙ) বর্তমান ঠিকানা (চ) জন্ম তারিখ (ছ) শিক্ষাগত যোগ্যতা উল্লেখ করতে হবে।
২। আবেদনপত্রের সাথে সদ্য তোলা ৩ (তিন) কপি পাসপোর্ট সাইজের ছবি, সকল শিক্ষাগত যোগ্যতার সনদ, জাতীয় পরিচয়পত্র ও নাগরিকত্ব সনদের সত্যায়িত ফটোকপি সংযুক্ত করতে হবে।
৩। আবেদনপত্রের সাথে প্রধান নির্বাহী কর্মকর্তা, জেলা পরিষদ, শরীয়তপুর এর অনুকূলে ক্রমিক ১ ও ২ নং পদের জন্য ৫০০/- টাকা এবং ৩, ৪ ও ৫ নং পদের জন্য ৩০০/- টাকা ট্রেজারী চালান/ব্যাংক ড্রাফট জমা দিতে হবে।
৪। চাকুরীরত প্রার্থীদের আবেদনপত্র যথাযথ কর্তৃপক্ষের মাধ্যমে নির্ধারিত তারিখের মধ্যে প্রেরণ করতে হবে।
৫। মুক্তিযোদ্ধা/শহীদ মুক্তিযোদ্ধার সন্তানদের ক্ষেত্রে সরকারি নীতিমালা অনুযায়ী প্রয়োজনীয় সনদপত্র দাখিল করতে হবে।
৬। স্থানীয় সরকার বিভাগ কর্তৃক গঠিত নিয়োগ কমিটির মাধ্যমে লিখিত ও মৌখিক পরীক্ষার ভিত্তিতে প্রার্থী নির্বাচন করা হবে।
৭। আবেদনপত্র ১৫/০৩/২০১৮ খ্রিঃ তারিখ অফিস চলাকালীন সময়ের মধ্যে পৌঁছাতে হবে।
৮। অসম্পূর্ণ/ত্রুটিপূর্ণ আবেদনপত্র সরাসরি বাতিল বলে গণ্য হবে।
৯। আবেদনপত্রের খামের উপরে পদের নাম স্পষ্ট অক্ষরে লিখতে হবে।
১০। আবেদনপত্রের খামের উপরে প্রার্থীর পদের নাম ও নিজ জেলার নাম অবশ্যই উল্লেখ করতে হবে।
১১। মৌখিক পরীক্ষার সময় সকল মূল সনদপত্র প্রদর্শন করতে হবে।
১২। কর্তৃপক্ষ কোন প্রকার কারণ দর্শানো ব্যতিরেকে যে কোন বা সকল আবেদন বাতিল করার ক্ষমতা সংরক্ষণ করেন।
মুন্সী মোঃ মনিরুজ্জামান
প্রধান নির্বাহী কর্মকর্তা
জেলা পরিষদ, শরীয়তপুর
ও
আহ্বায়ক
জেলা পরিষদ কর্মচারী নিয়োগ ও পদোন্নতি সংক্রান্ত বাছাই কমিটি, শরীয়তপুর।
তারিখ ১৫/০২/২০১৮ খ্রি:
সি-২৮৯/১৮ (১০×৪)
